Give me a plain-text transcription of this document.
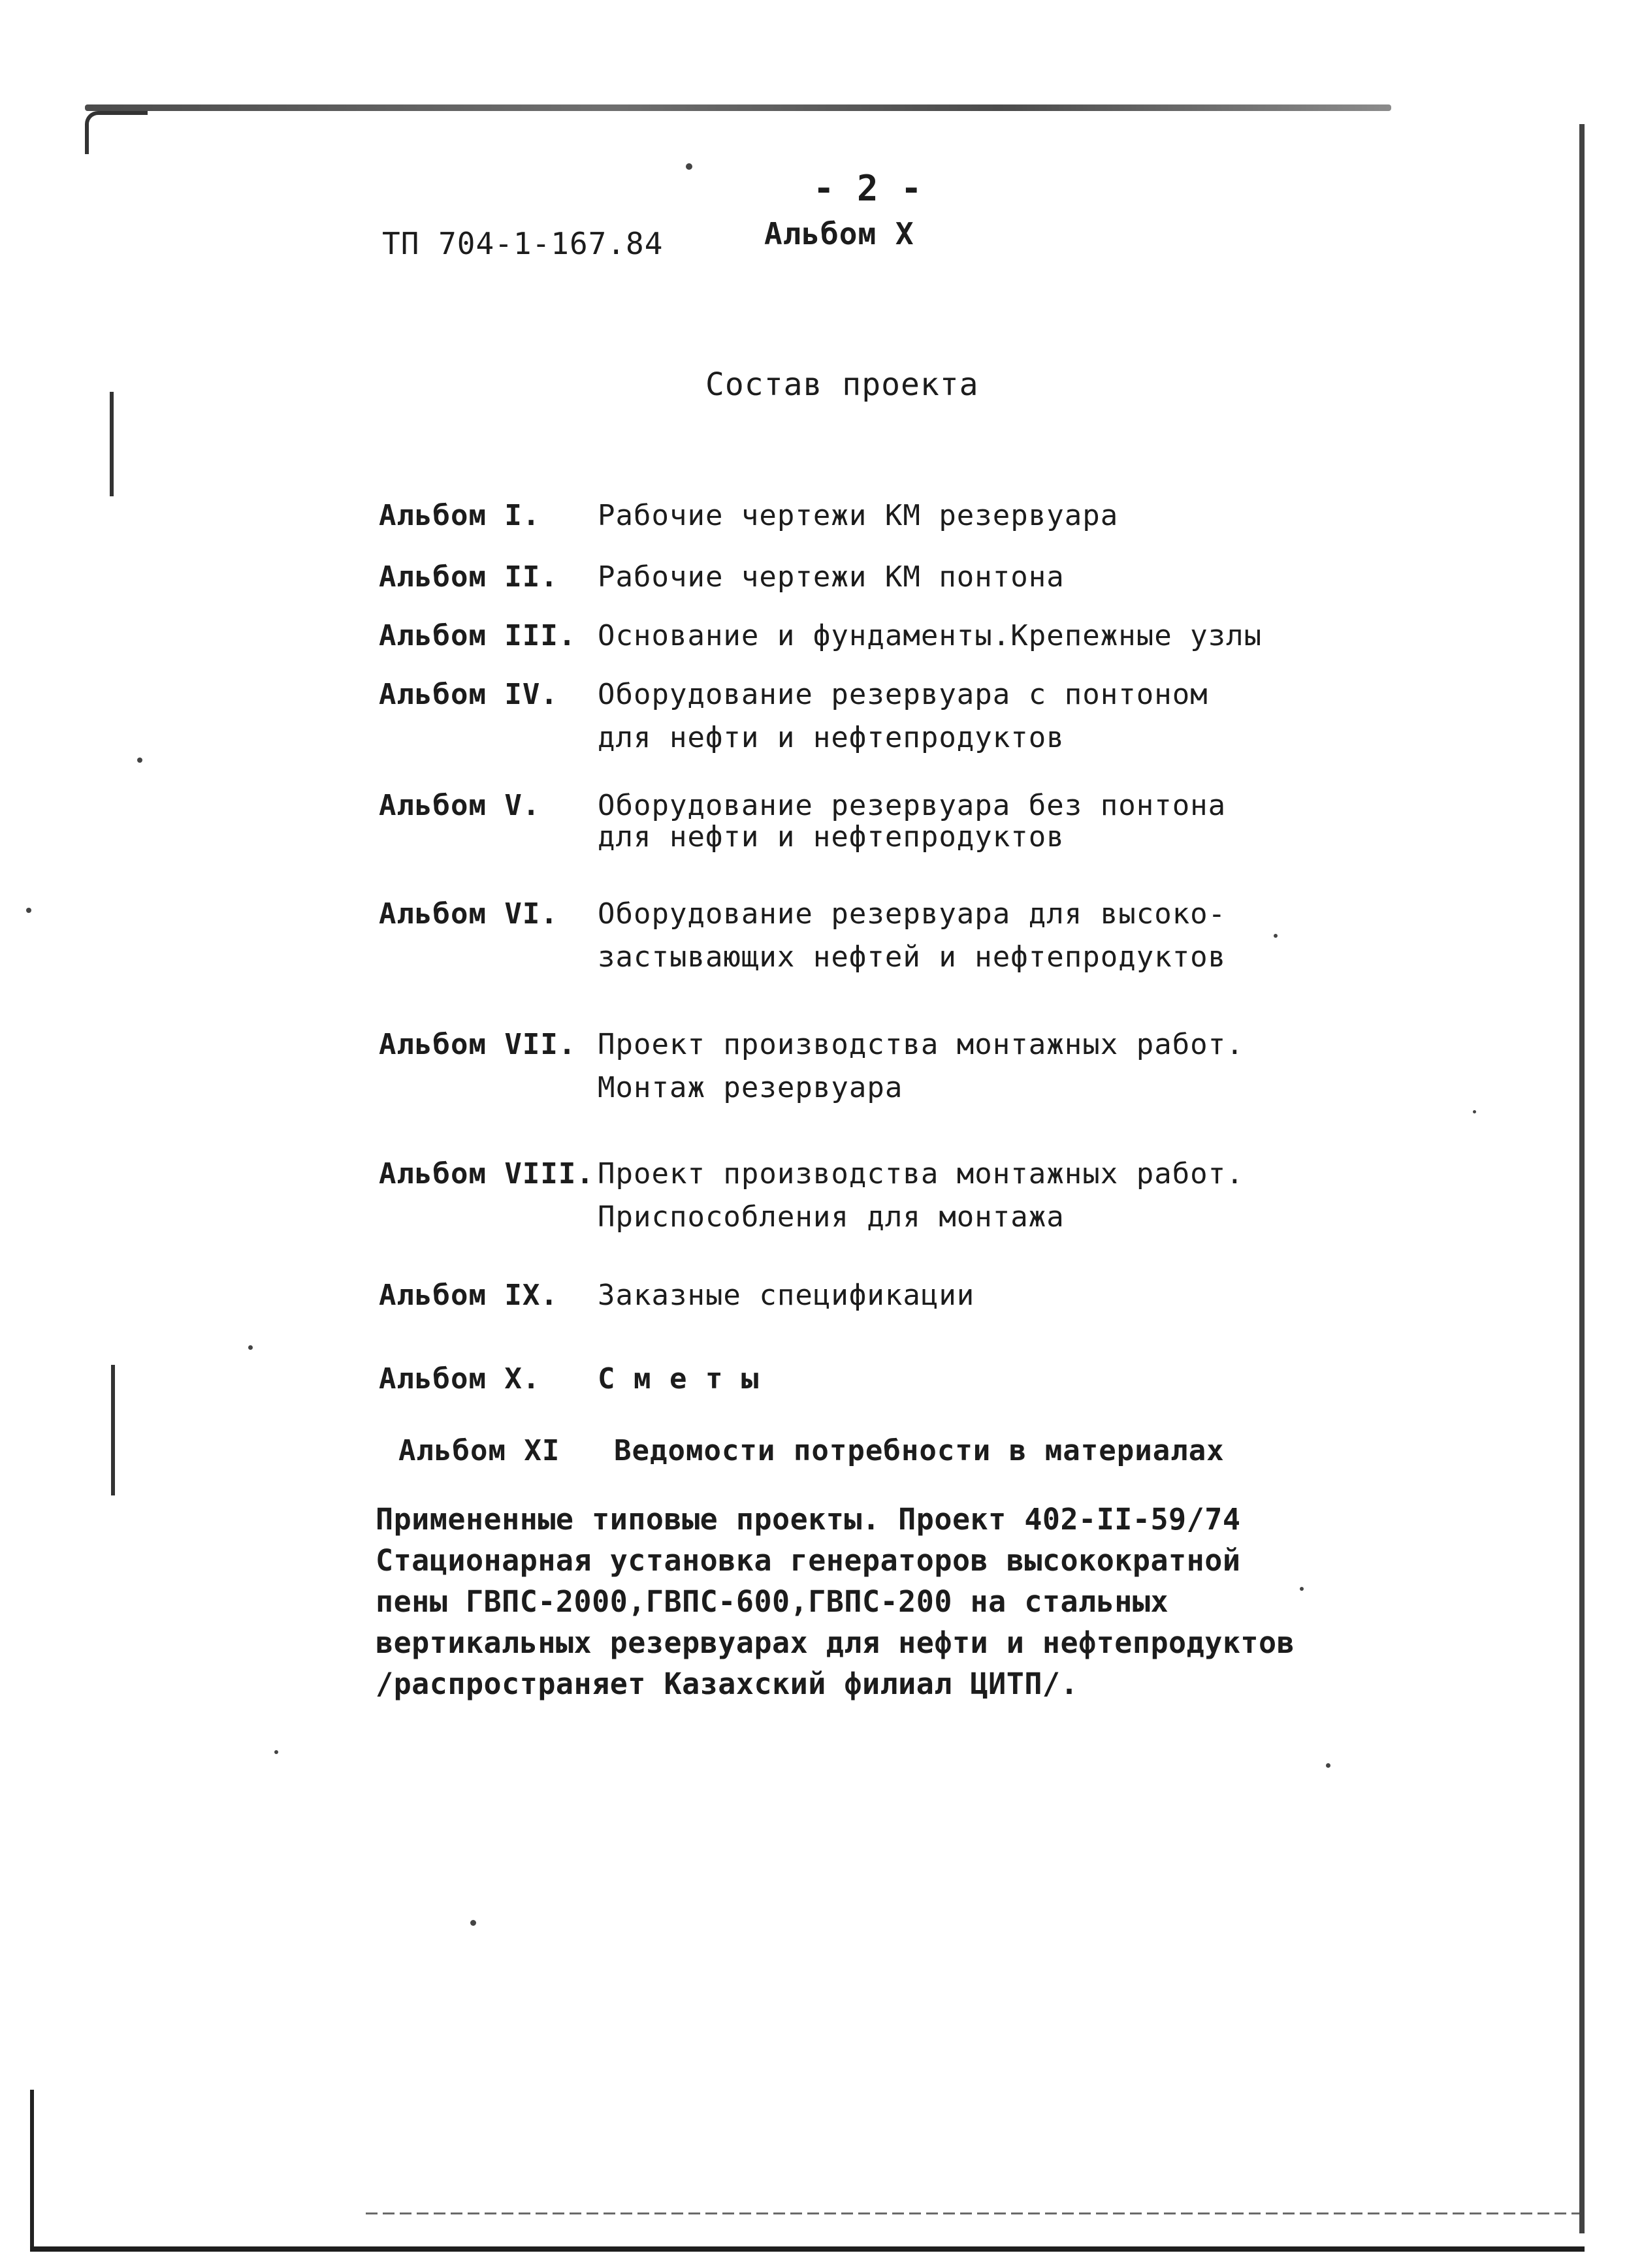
- 2 -
ТП 704-1-167.84	Альбом X
Состав проекта
Альбом I. Рабочие чертежи КМ резервуара
Альбом II. Рабочие чертежи КМ понтона
Альбом III. Основание и фундаменты.Крепежные узлы
Альбом IV. Оборудование резервуара с понтоном
для нефти и нефтепродуктов
Альбом V. Оборудование резервуара без понтона
для нефти и нефтепродуктов
Альбом VI. Оборудование резервуара для высоко-
застывающих нефтей и нефтепродуктов
Альбом VII. Проект производства монтажных работ.
Монтаж резервуара
Альбом VIII. Проект производства монтажных работ.
Приспособления для монтажа
Альбом IX. Заказные спецификации
Альбом X. С м е т ы
Альбом XI Ведомости потребности в материалах
Примененные типовые проекты. Проект 402-II-59/74
Стационарная установка генераторов высокократной
пены ГВПС-2000,ГВПС-600,ГВПС-200 на стальных
вертикальных резервуарах для нефти и нефтепродуктов
/распространяет Казахский филиал ЦИТП/.
